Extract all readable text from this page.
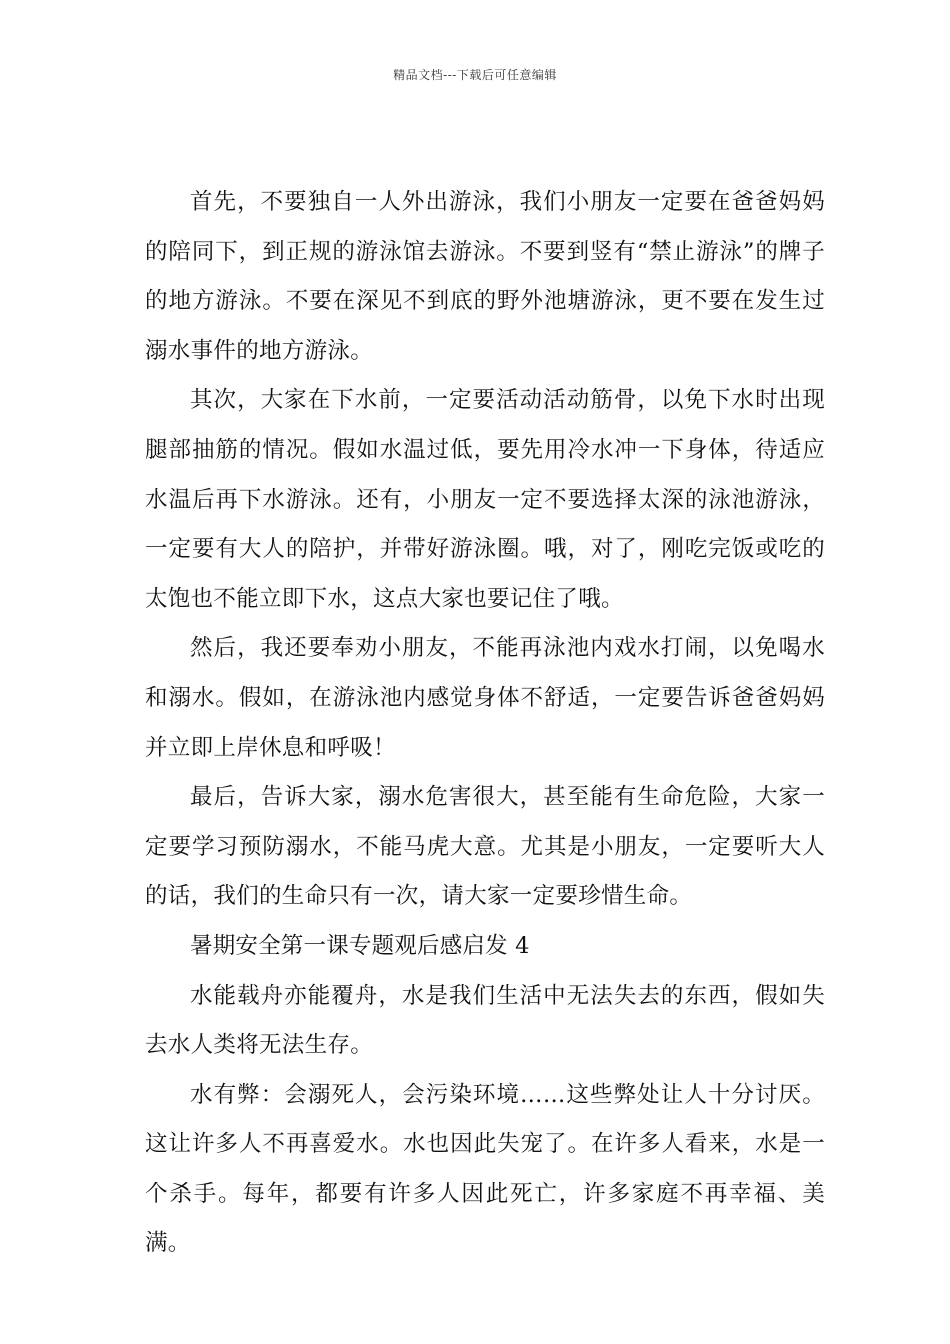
精品文档---下载后可任意编辑

首先，不要独自一人外出游泳，我们小朋友一定要在爸爸妈妈的陪同下，到正规的游泳馆去游泳。不要到竖有“禁止游泳”的牌子的地方游泳。不要在深见不到底的野外池塘游泳，更不要在发生过溺水事件的地方游泳。

其次，大家在下水前，一定要活动活动筋骨，以免下水时出现腿部抽筋的情况。假如水温过低，要先用冷水冲一下身体，待适应水温后再下水游泳。还有，小朋友一定不要选择太深的泳池游泳，一定要有大人的陪护，并带好游泳圈。哦，对了，刚吃完饭或吃的太饱也不能立即下水，这点大家也要记住了哦。

然后，我还要奉劝小朋友，不能再泳池内戏水打闹，以免喝水和溺水。假如，在游泳池内感觉身体不舒适，一定要告诉爸爸妈妈并立即上岸休息和呼吸！

最后，告诉大家，溺水危害很大，甚至能有生命危险，大家一定要学习预防溺水，不能马虎大意。尤其是小朋友，一定要听大人的话，我们的生命只有一次，请大家一定要珍惜生命。

暑期安全第一课专题观后感启发 4

水能载舟亦能覆舟，水是我们生活中无法失去的东西，假如失去水人类将无法生存。

水有弊：会溺死人，会污染环境……这些弊处让人十分讨厌。这让许多人不再喜爱水。水也因此失宠了。在许多人看来，水是一个杀手。每年，都要有许多人因此死亡，许多家庭不再幸福、美满。
